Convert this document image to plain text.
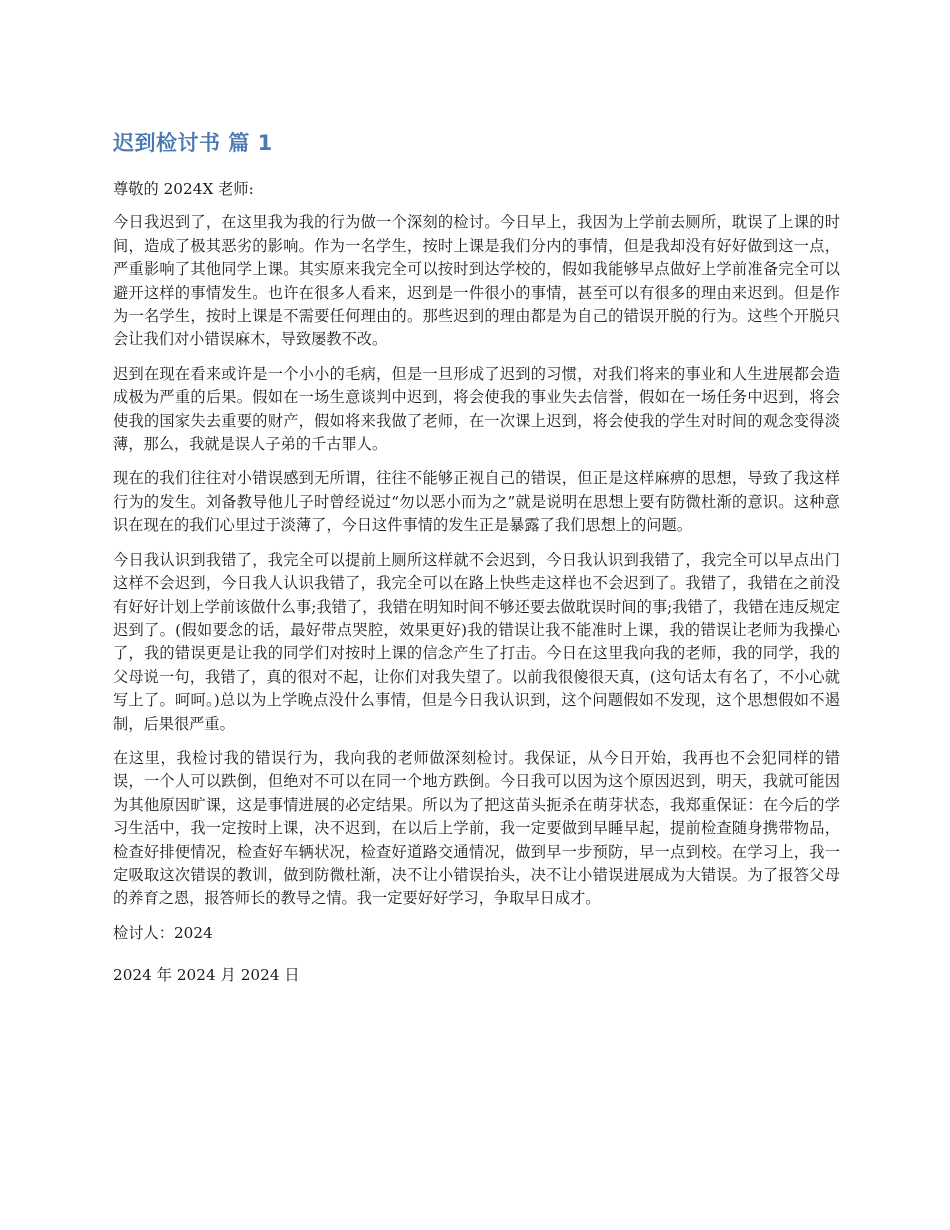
迟到检讨书 篇 1

尊敬的 2024X 老师:

今日我迟到了，在这里我为我的行为做一个深刻的检讨。今日早上，我因为上学前去厕所，耽误了上课的时间，造成了极其恶劣的影响。作为一名学生，按时上课是我们分内的事情，但是我却没有好好做到这一点，严重影响了其他同学上课。其实原来我完全可以按时到达学校的，假如我能够早点做好上学前准备完全可以避开这样的事情发生。也许在很多人看来，迟到是一件很小的事情，甚至可以有很多的理由来迟到。但是作为一名学生，按时上课是不需要任何理由的。那些迟到的理由都是为自己的错误开脱的行为。这些个开脱只会让我们对小错误麻木，导致屡教不改。

迟到在现在看来或许是一个小小的毛病，但是一旦形成了迟到的习惯，对我们将来的事业和人生进展都会造成极为严重的后果。假如在一场生意谈判中迟到，将会使我的事业失去信誉，假如在一场任务中迟到，将会使我的国家失去重要的财产，假如将来我做了老师，在一次课上迟到，将会使我的学生对时间的观念变得淡薄，那么，我就是误人子弟的千古罪人。

现在的我们往往对小错误感到无所谓，往往不能够正视自己的错误，但正是这样麻痹的思想，导致了我这样行为的发生。刘备教导他儿子时曾经说过“勿以恶小而为之”就是说明在思想上要有防微杜渐的意识。这种意识在现在的我们心里过于淡薄了，今日这件事情的发生正是暴露了我们思想上的问题。

今日我认识到我错了，我完全可以提前上厕所这样就不会迟到，今日我认识到我错了，我完全可以早点出门这样不会迟到，今日我人认识我错了，我完全可以在路上快些走这样也不会迟到了。我错了，我错在之前没有好好计划上学前该做什么事;我错了，我错在明知时间不够还要去做耽误时间的事;我错了，我错在违反规定迟到了。(假如要念的话，最好带点哭腔，效果更好)我的错误让我不能准时上课，我的错误让老师为我操心了，我的错误更是让我的同学们对按时上课的信念产生了打击。今日在这里我向我的老师，我的同学，我的父母说一句，我错了，真的很对不起，让你们对我失望了。以前我很傻很天真，(这句话太有名了，不小心就写上了。呵呵。)总以为上学晚点没什么事情，但是今日我认识到，这个问题假如不发现，这个思想假如不遏制，后果很严重。

在这里，我检讨我的错误行为，我向我的老师做深刻检讨。我保证，从今日开始，我再也不会犯同样的错误，一个人可以跌倒，但绝对不可以在同一个地方跌倒。今日我可以因为这个原因迟到，明天，我就可能因为其他原因旷课，这是事情进展的必定结果。所以为了把这苗头扼杀在萌芽状态，我郑重保证：在今后的学习生活中，我一定按时上课，决不迟到，在以后上学前，我一定要做到早睡早起，提前检查随身携带物品，检查好排便情况，检查好车辆状况，检查好道路交通情况，做到早一步预防，早一点到校。在学习上，我一定吸取这次错误的教训，做到防微杜渐，决不让小错误抬头，决不让小错误进展成为大错误。为了报答父母的养育之恩，报答师长的教导之情。我一定要好好学习，争取早日成才。

检讨人：2024

2024 年 2024 月 2024 日
